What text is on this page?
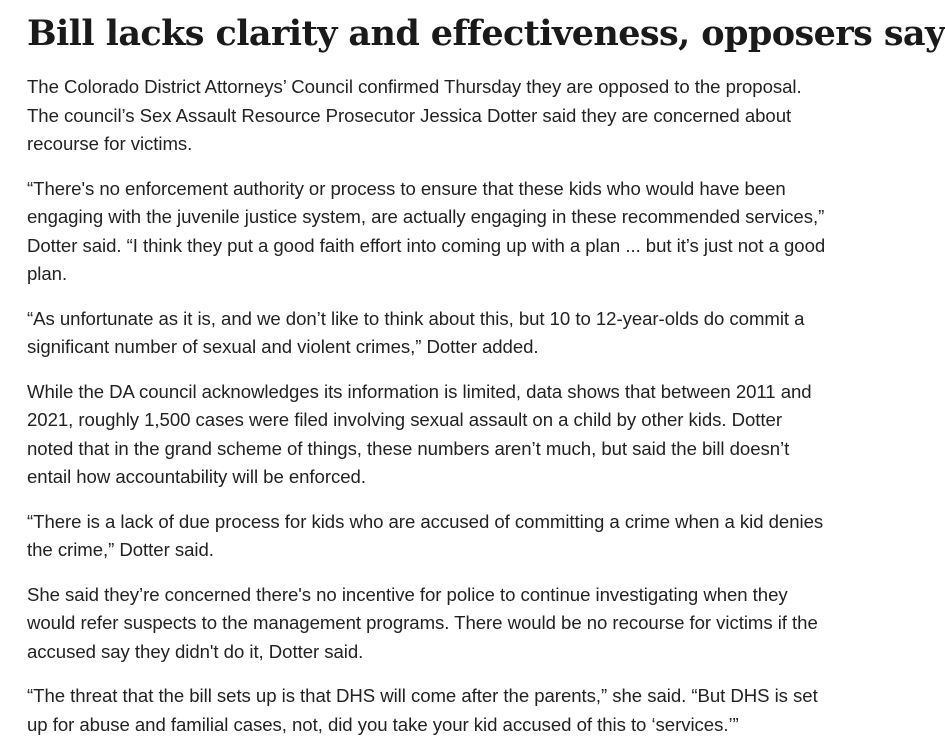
Bill lacks clarity and effectiveness, opposers say

The Colorado District Attorneys’ Council confirmed Thursday they are opposed to the proposal. The council’s Sex Assault Resource Prosecutor Jessica Dotter said they are concerned about recourse for victims.

“There's no enforcement authority or process to ensure that these kids who would have been engaging with the juvenile justice system, are actually engaging in these recommended services,” Dotter said. “I think they put a good faith effort into coming up with a plan ... but it’s just not a good plan.

“As unfortunate as it is, and we don’t like to think about this, but 10 to 12-year-olds do commit a significant number of sexual and violent crimes,” Dotter added.

While the DA council acknowledges its information is limited, data shows that between 2011 and 2021, roughly 1,500 cases were filed involving sexual assault on a child by other kids. Dotter noted that in the grand scheme of things, these numbers aren’t much, but said the bill doesn’t entail how accountability will be enforced.

“There is a lack of due process for kids who are accused of committing a crime when a kid denies the crime,” Dotter said.

She said they’re concerned there's no incentive for police to continue investigating when they would refer suspects to the management programs. There would be no recourse for victims if the accused say they didn't do it, Dotter said.

“The threat that the bill sets up is that DHS will come after the parents,” she said. “But DHS is set up for abuse and familial cases, not, did you take your kid accused of this to ‘services.’”
